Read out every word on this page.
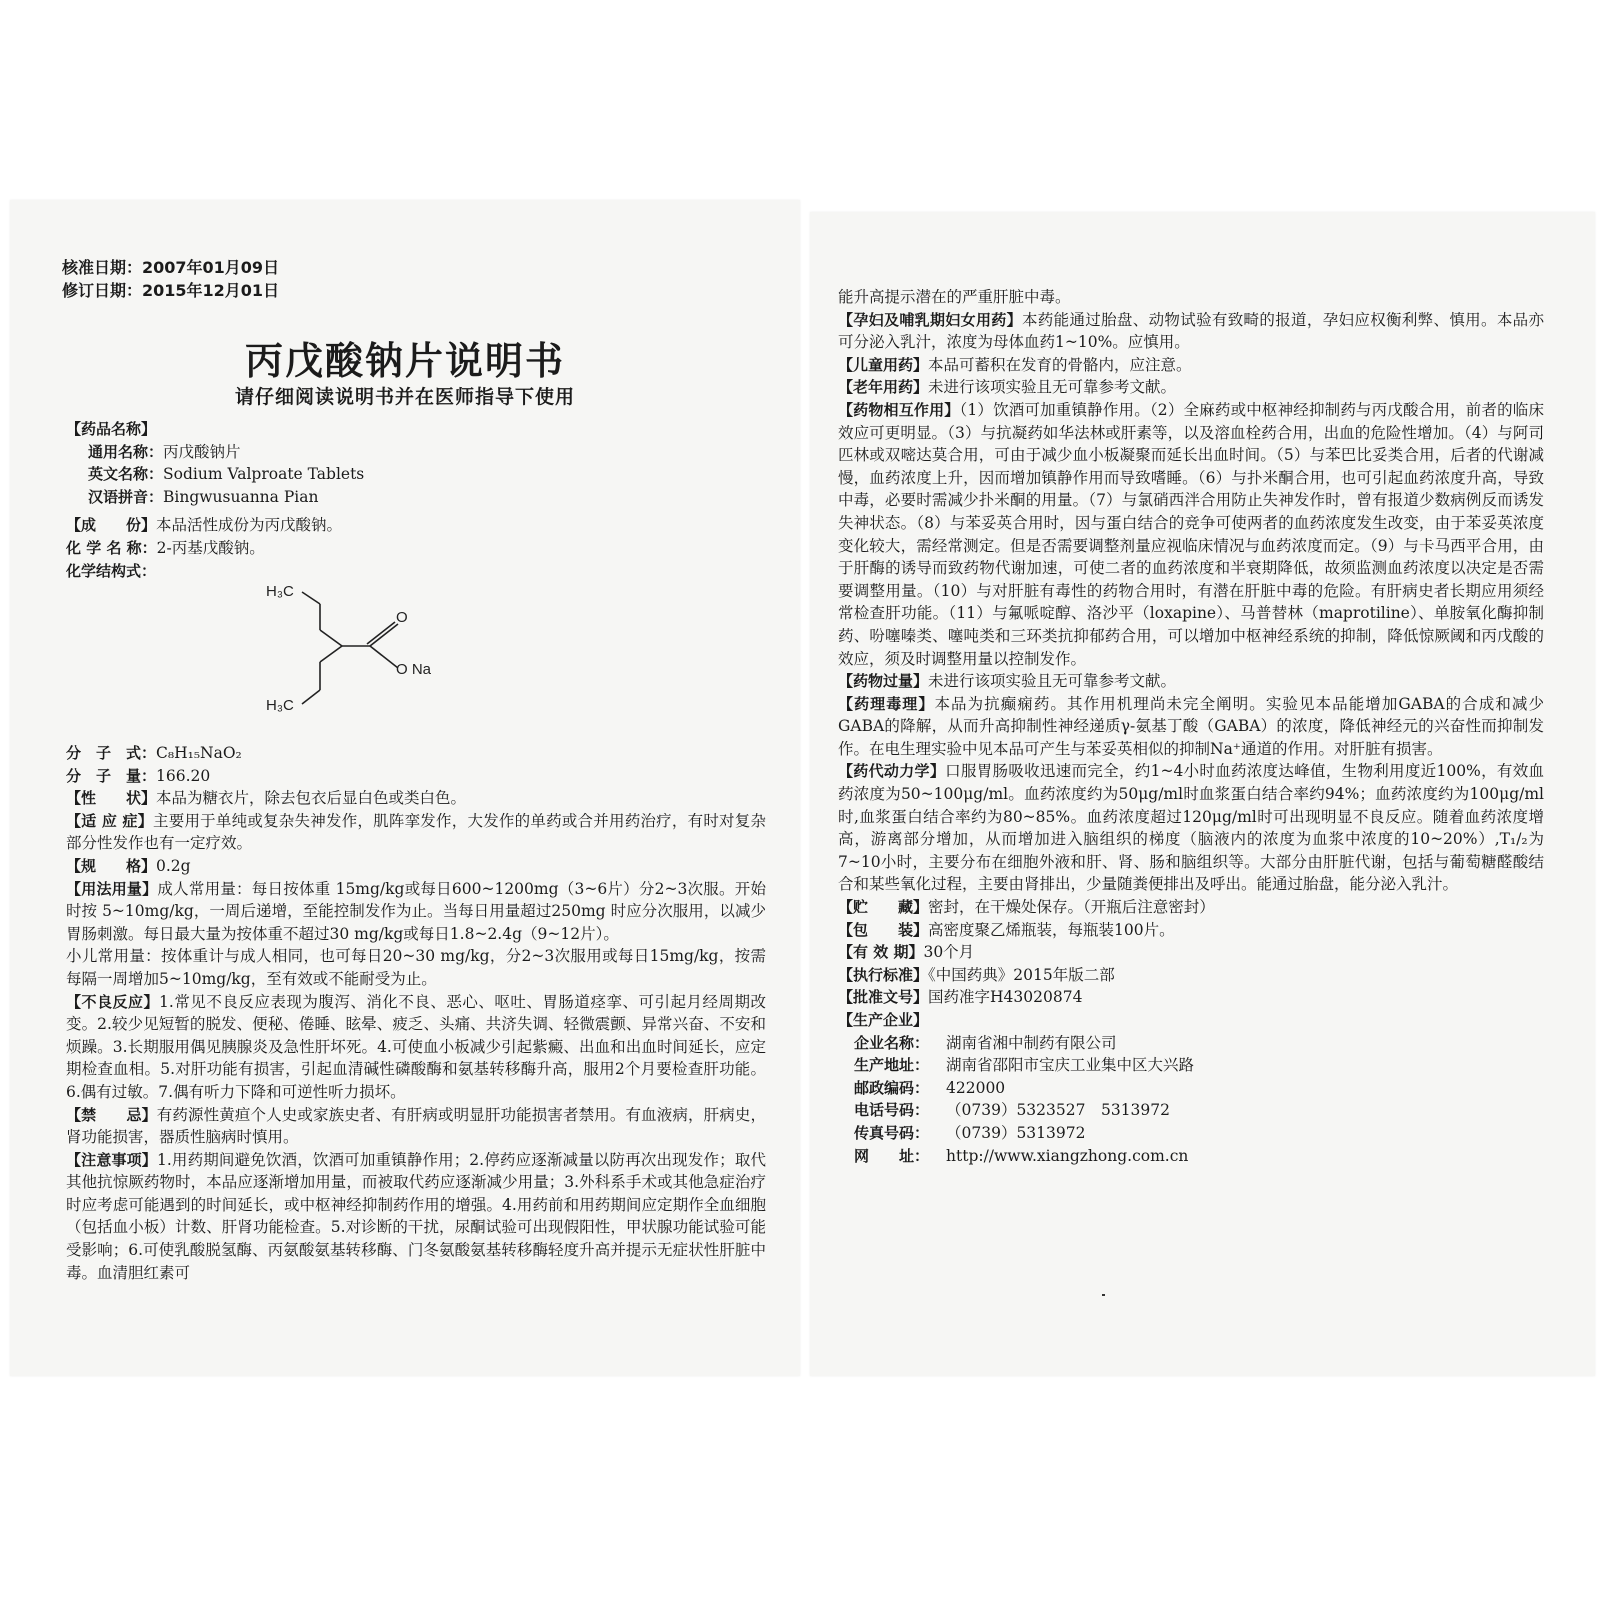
核准日期：2007年01月09日
修订日期：2015年12月01日
丙戊酸钠片说明书
请仔细阅读说明书并在医师指导下使用
【药品名称】
通用名称：丙戊酸钠片
英文名称：Sodium Valproate Tablets
汉语拼音：Bingwusuanna Pian
【成　　份】本品活性成份为丙戊酸钠。
化 学 名 称：2-丙基戊酸钠。
化学结构式：
H₃C
O
O Na
H₃C
分　子　式：C₈H₁₅NaO₂
分　子　量：166.20
【性　　状】本品为糖衣片，除去包衣后显白色或类白色。
【适 应 症】主要用于单纯或复杂失神发作，肌阵挛发作，大发作的单药或合并用药治疗，有时对复杂部分性发作也有一定疗效。
【规　　格】0.2g
【用法用量】成人常用量：每日按体重 15mg/kg或每日600~1200mg（3~6片）分2~3次服。开始时按 5~10mg/kg，一周后递增，至能控制发作为止。当每日用量超过250mg 时应分次服用，以减少胃肠刺激。每日最大量为按体重不超过30 mg/kg或每日1.8~2.4g（9~12片）。
小儿常用量：按体重计与成人相同，也可每日20~30 mg/kg，分2~3次服用或每日15mg/kg，按需每隔一周增加5~10mg/kg，至有效或不能耐受为止。
【不良反应】1.常见不良反应表现为腹泻、消化不良、恶心、呕吐、胃肠道痉挛、可引起月经周期改变。2.较少见短暂的脱发、便秘、倦睡、眩晕、疲乏、头痛、共济失调、轻微震颤、异常兴奋、不安和烦躁。3.长期服用偶见胰腺炎及急性肝坏死。4.可使血小板减少引起紫癜、出血和出血时间延长，应定期检查血相。5.对肝功能有损害，引起血清碱性磷酸酶和氨基转移酶升高，服用2个月要检查肝功能。6.偶有过敏。7.偶有听力下降和可逆性听力损坏。
【禁　　忌】有药源性黄疸个人史或家族史者、有肝病或明显肝功能损害者禁用。有血液病，肝病史，肾功能损害，器质性脑病时慎用。
【注意事项】1.用药期间避免饮酒，饮酒可加重镇静作用；2.停药应逐渐减量以防再次出现发作；取代其他抗惊厥药物时，本品应逐渐增加用量，而被取代药应逐渐减少用量；3.外科系手术或其他急症治疗时应考虑可能遇到的时间延长，或中枢神经抑制药作用的增强。4.用药前和用药期间应定期作全血细胞（包括血小板）计数、肝肾功能检查。5.对诊断的干扰，尿酮试验可出现假阳性，甲状腺功能试验可能受影响；6.可使乳酸脱氢酶、丙氨酸氨基转移酶、门冬氨酸氨基转移酶轻度升高并提示无症状性肝脏中毒。血清胆红素可
能升高提示潜在的严重肝脏中毒。
【孕妇及哺乳期妇女用药】本药能通过胎盘、动物试验有致畸的报道，孕妇应权衡利弊、慎用。本品亦可分泌入乳汁，浓度为母体血药1~10%。应慎用。
【儿童用药】本品可蓄积在发育的骨骼内，应注意。
【老年用药】未进行该项实验且无可靠参考文献。
【药物相互作用】（1）饮酒可加重镇静作用。（2）全麻药或中枢神经抑制药与丙戊酸合用，前者的临床效应可更明显。（3）与抗凝药如华法林或肝素等，以及溶血栓药合用，出血的危险性增加。（4）与阿司匹林或双嘧达莫合用，可由于减少血小板凝聚而延长出血时间。（5）与苯巴比妥类合用，后者的代谢减慢，血药浓度上升，因而增加镇静作用而导致嗜睡。（6）与扑米酮合用，也可引起血药浓度升高，导致中毒，必要时需减少扑米酮的用量。（7）与氯硝西泮合用防止失神发作时，曾有报道少数病例反而诱发失神状态。（8）与苯妥英合用时，因与蛋白结合的竞争可使两者的血药浓度发生改变，由于苯妥英浓度变化较大，需经常测定。但是否需要调整剂量应视临床情况与血药浓度而定。（9）与卡马西平合用，由于肝酶的诱导而致药物代谢加速，可使二者的血药浓度和半衰期降低，故须监测血药浓度以决定是否需要调整用量。（10）与对肝脏有毒性的药物合用时，有潜在肝脏中毒的危险。有肝病史者长期应用须经常检查肝功能。（11）与氟哌啶醇、洛沙平（loxapine）、马普替林（maprotiline）、单胺氧化酶抑制药、吩噻嗪类、噻吨类和三环类抗抑郁药合用，可以增加中枢神经系统的抑制，降低惊厥阈和丙戊酸的效应，须及时调整用量以控制发作。
【药物过量】未进行该项实验且无可靠参考文献。
【药理毒理】本品为抗癫痫药。其作用机理尚未完全阐明。实验见本品能增加GABA的合成和减少GABA的降解，从而升高抑制性神经递质γ-氨基丁酸（GABA）的浓度，降低神经元的兴奋性而抑制发作。在电生理实验中见本品可产生与苯妥英相似的抑制Na⁺通道的作用。对肝脏有损害。
【药代动力学】口服胃肠吸收迅速而完全，约1~4小时血药浓度达峰值，生物利用度近100%，有效血药浓度为50~100μg/ml。血药浓度约为50μg/ml时血浆蛋白结合率约94%；血药浓度约为100μg/ml时,血浆蛋白结合率约为80~85%。血药浓度超过120μg/ml时可出现明显不良反应。随着血药浓度增高，游离部分增加，从而增加进入脑组织的梯度（脑液内的浓度为血浆中浓度的10~20%）,T₁/₂为7~10小时，主要分布在细胞外液和肝、肾、肠和脑组织等。大部分由肝脏代谢，包括与葡萄糖醛酸结合和某些氧化过程，主要由肾排出，少量随粪便排出及呼出。能通过胎盘，能分泌入乳汁。
【贮　　藏】密封，在干燥处保存。（开瓶后注意密封）
【包　　装】高密度聚乙烯瓶装，每瓶装100片。
【有 效 期】30个月
【执行标准】《中国药典》2015年版二部
【批准文号】国药准字H43020874
【生产企业】
企业名称： 湖南省湘中制药有限公司
生产地址： 湖南省邵阳市宝庆工业集中区大兴路
邮政编码： 422000
电话号码： （0739）5323527　5313972
传真号码： （0739）5313972
网　　址： http://www.xiangzhong.com.cn
